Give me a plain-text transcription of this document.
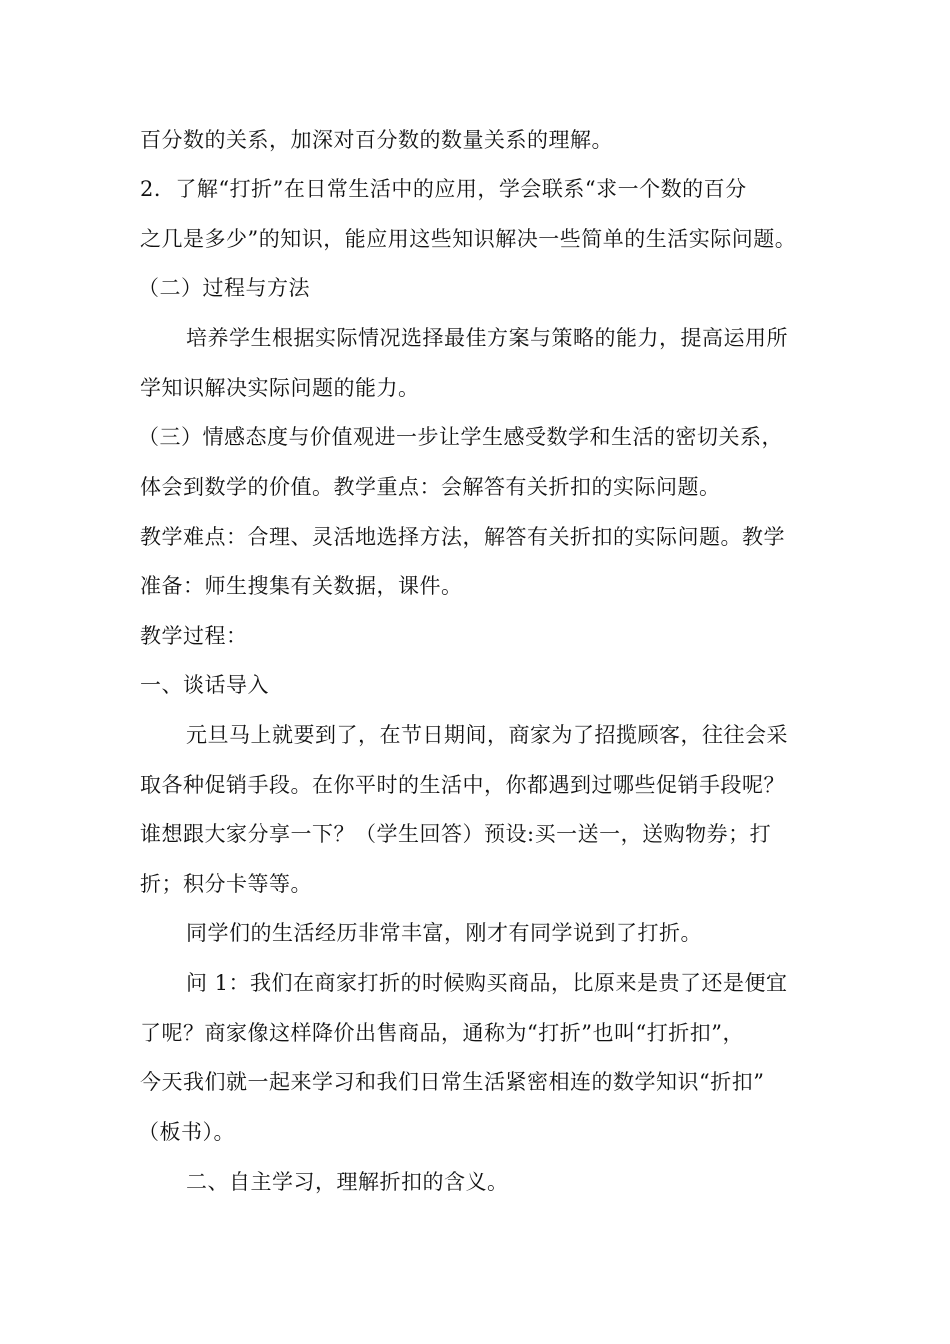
百分数的关系，加深对百分数的数量关系的理解。
2．了解“打折”在日常生活中的应用，学会联系“求一个数的百分
之几是多少”的知识，能应用这些知识解决一些简单的生活实际问题。
（二）过程与方法
培养学生根据实际情况选择最佳方案与策略的能力，提高运用所
学知识解决实际问题的能力。
（三）情感态度与价值观进一步让学生感受数学和生活的密切关系，
体会到数学的价值。教学重点：会解答有关折扣的实际问题。
教学难点：合理、灵活地选择方法，解答有关折扣的实际问题。教学
准备：师生搜集有关数据，课件。
教学过程：
一、谈话导入
元旦马上就要到了，在节日期间，商家为了招揽顾客，往往会采
取各种促销手段。在你平时的生活中，你都遇到过哪些促销手段呢？
谁想跟大家分享一下？（学生回答）预设:买一送一，送购物券；打
折；积分卡等等。
同学们的生活经历非常丰富，刚才有同学说到了打折。
问 1：我们在商家打折的时候购买商品，比原来是贵了还是便宜
了呢？商家像这样降价出售商品，通称为“打折”也叫“打折扣”，
今天我们就一起来学习和我们日常生活紧密相连的数学知识“折扣”
（板书）。
二、自主学习，理解折扣的含义。
